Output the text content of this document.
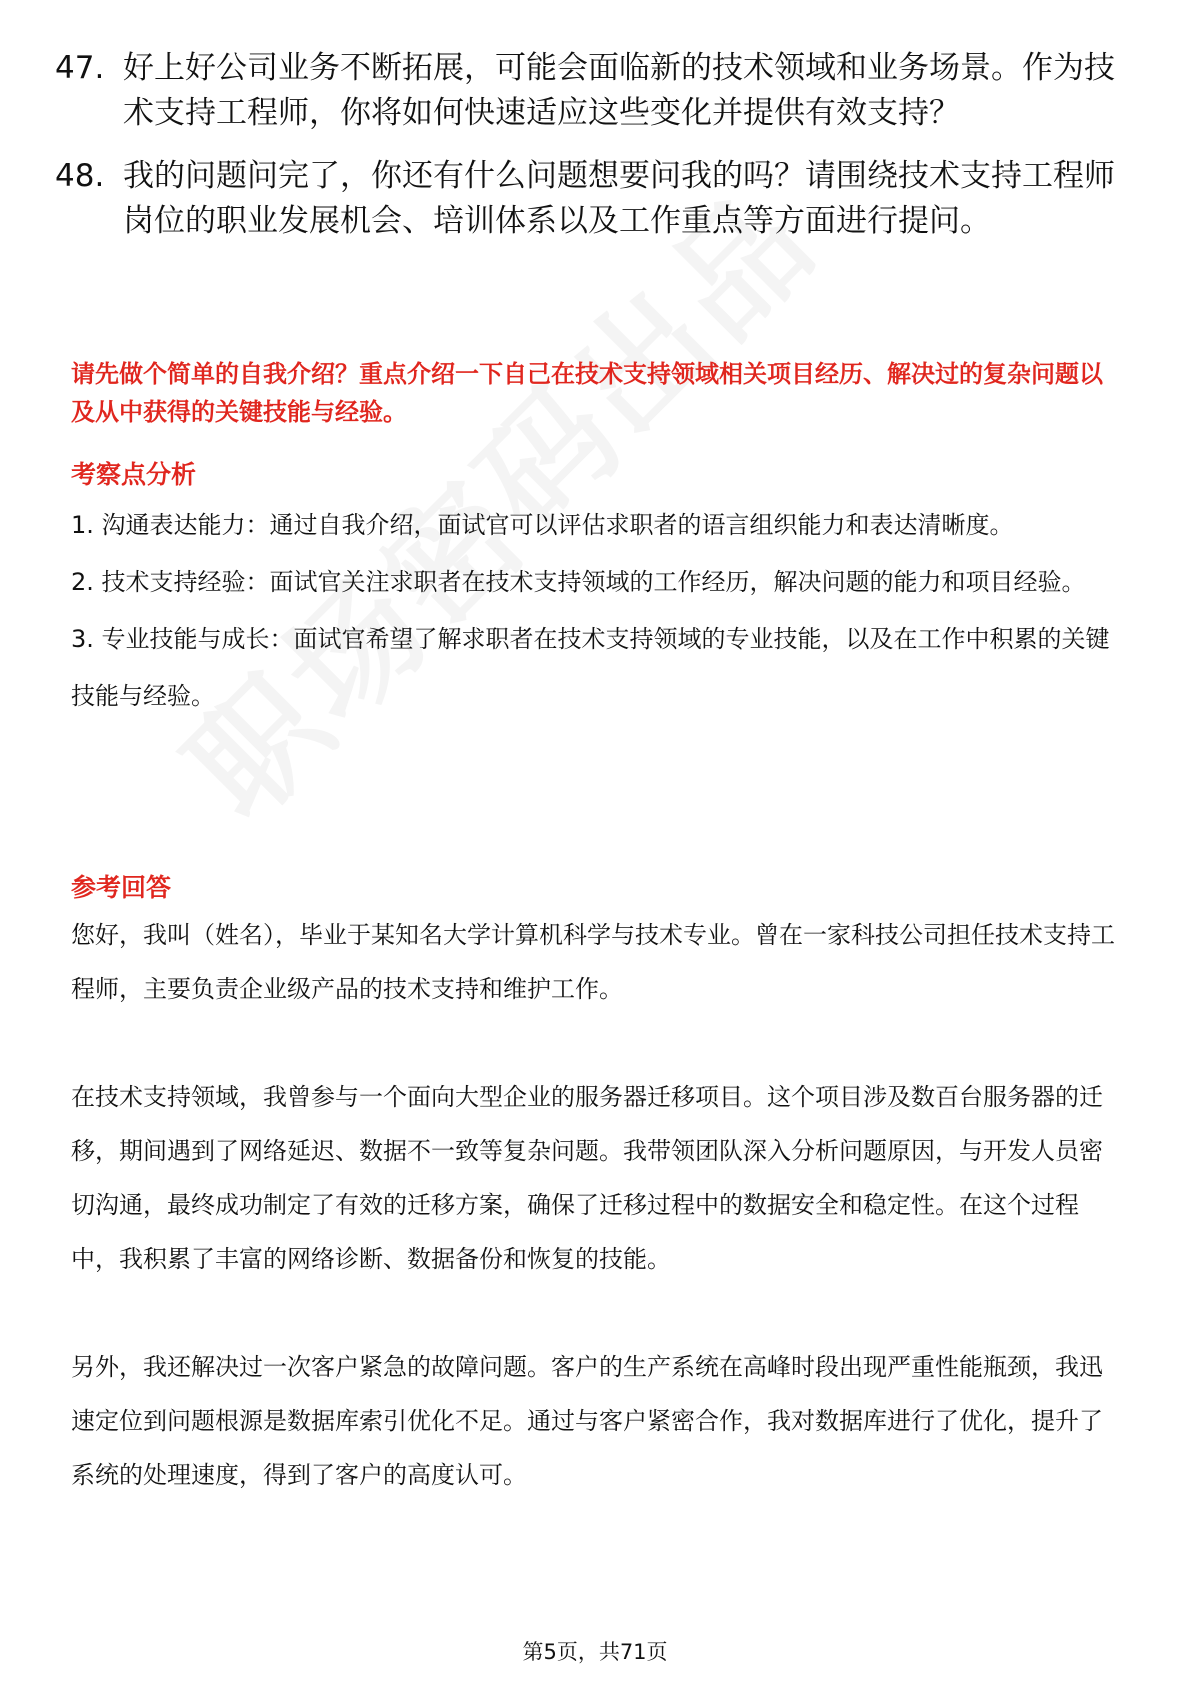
47. 好上好公司业务不断拓展，可能会面临新的技术领域和业务场景。作为技术支持工程师，你将如何快速适应这些变化并提供有效支持？
48. 我的问题问完了，你还有什么问题想要问我的吗？请围绕技术支持工程师岗位的职业发展机会、培训体系以及工作重点等方面进行提问。
请先做个简单的自我介绍？重点介绍一下自己在技术支持领域相关项目经历、解决过的复杂问题以及从中获得的关键技能与经验。
考察点分析

1. 沟通表达能力：通过自我介绍，面试官可以评估求职者的语言组织能力和表达清晰度。

2. 技术支持经验：面试官关注求职者在技术支持领域的工作经历，解决问题的能力和项目经验。

3. 专业技能与成长：面试官希望了解求职者在技术支持领域的专业技能，以及在工作中积累的关键技能与经验。

参考回答

您好，我叫（姓名），毕业于某知名大学计算机科学与技术专业。曾在一家科技公司担任技术支持工程师，主要负责企业级产品的技术支持和维护工作。

在技术支持领域，我曾参与一个面向大型企业的服务器迁移项目。这个项目涉及数百台服务器的迁移，期间遇到了网络延迟、数据不一致等复杂问题。我带领团队深入分析问题原因，与开发人员密切沟通，最终成功制定了有效的迁移方案，确保了迁移过程中的数据安全和稳定性。在这个过程中，我积累了丰富的网络诊断、数据备份和恢复的技能。

另外，我还解决过一次客户紧急的故障问题。客户的生产系统在高峰时段出现严重性能瓶颈，我迅速定位到问题根源是数据库索引优化不足。通过与客户紧密合作，我对数据库进行了优化，提升了系统的处理速度，得到了客户的高度认可。

第5页，共71页
